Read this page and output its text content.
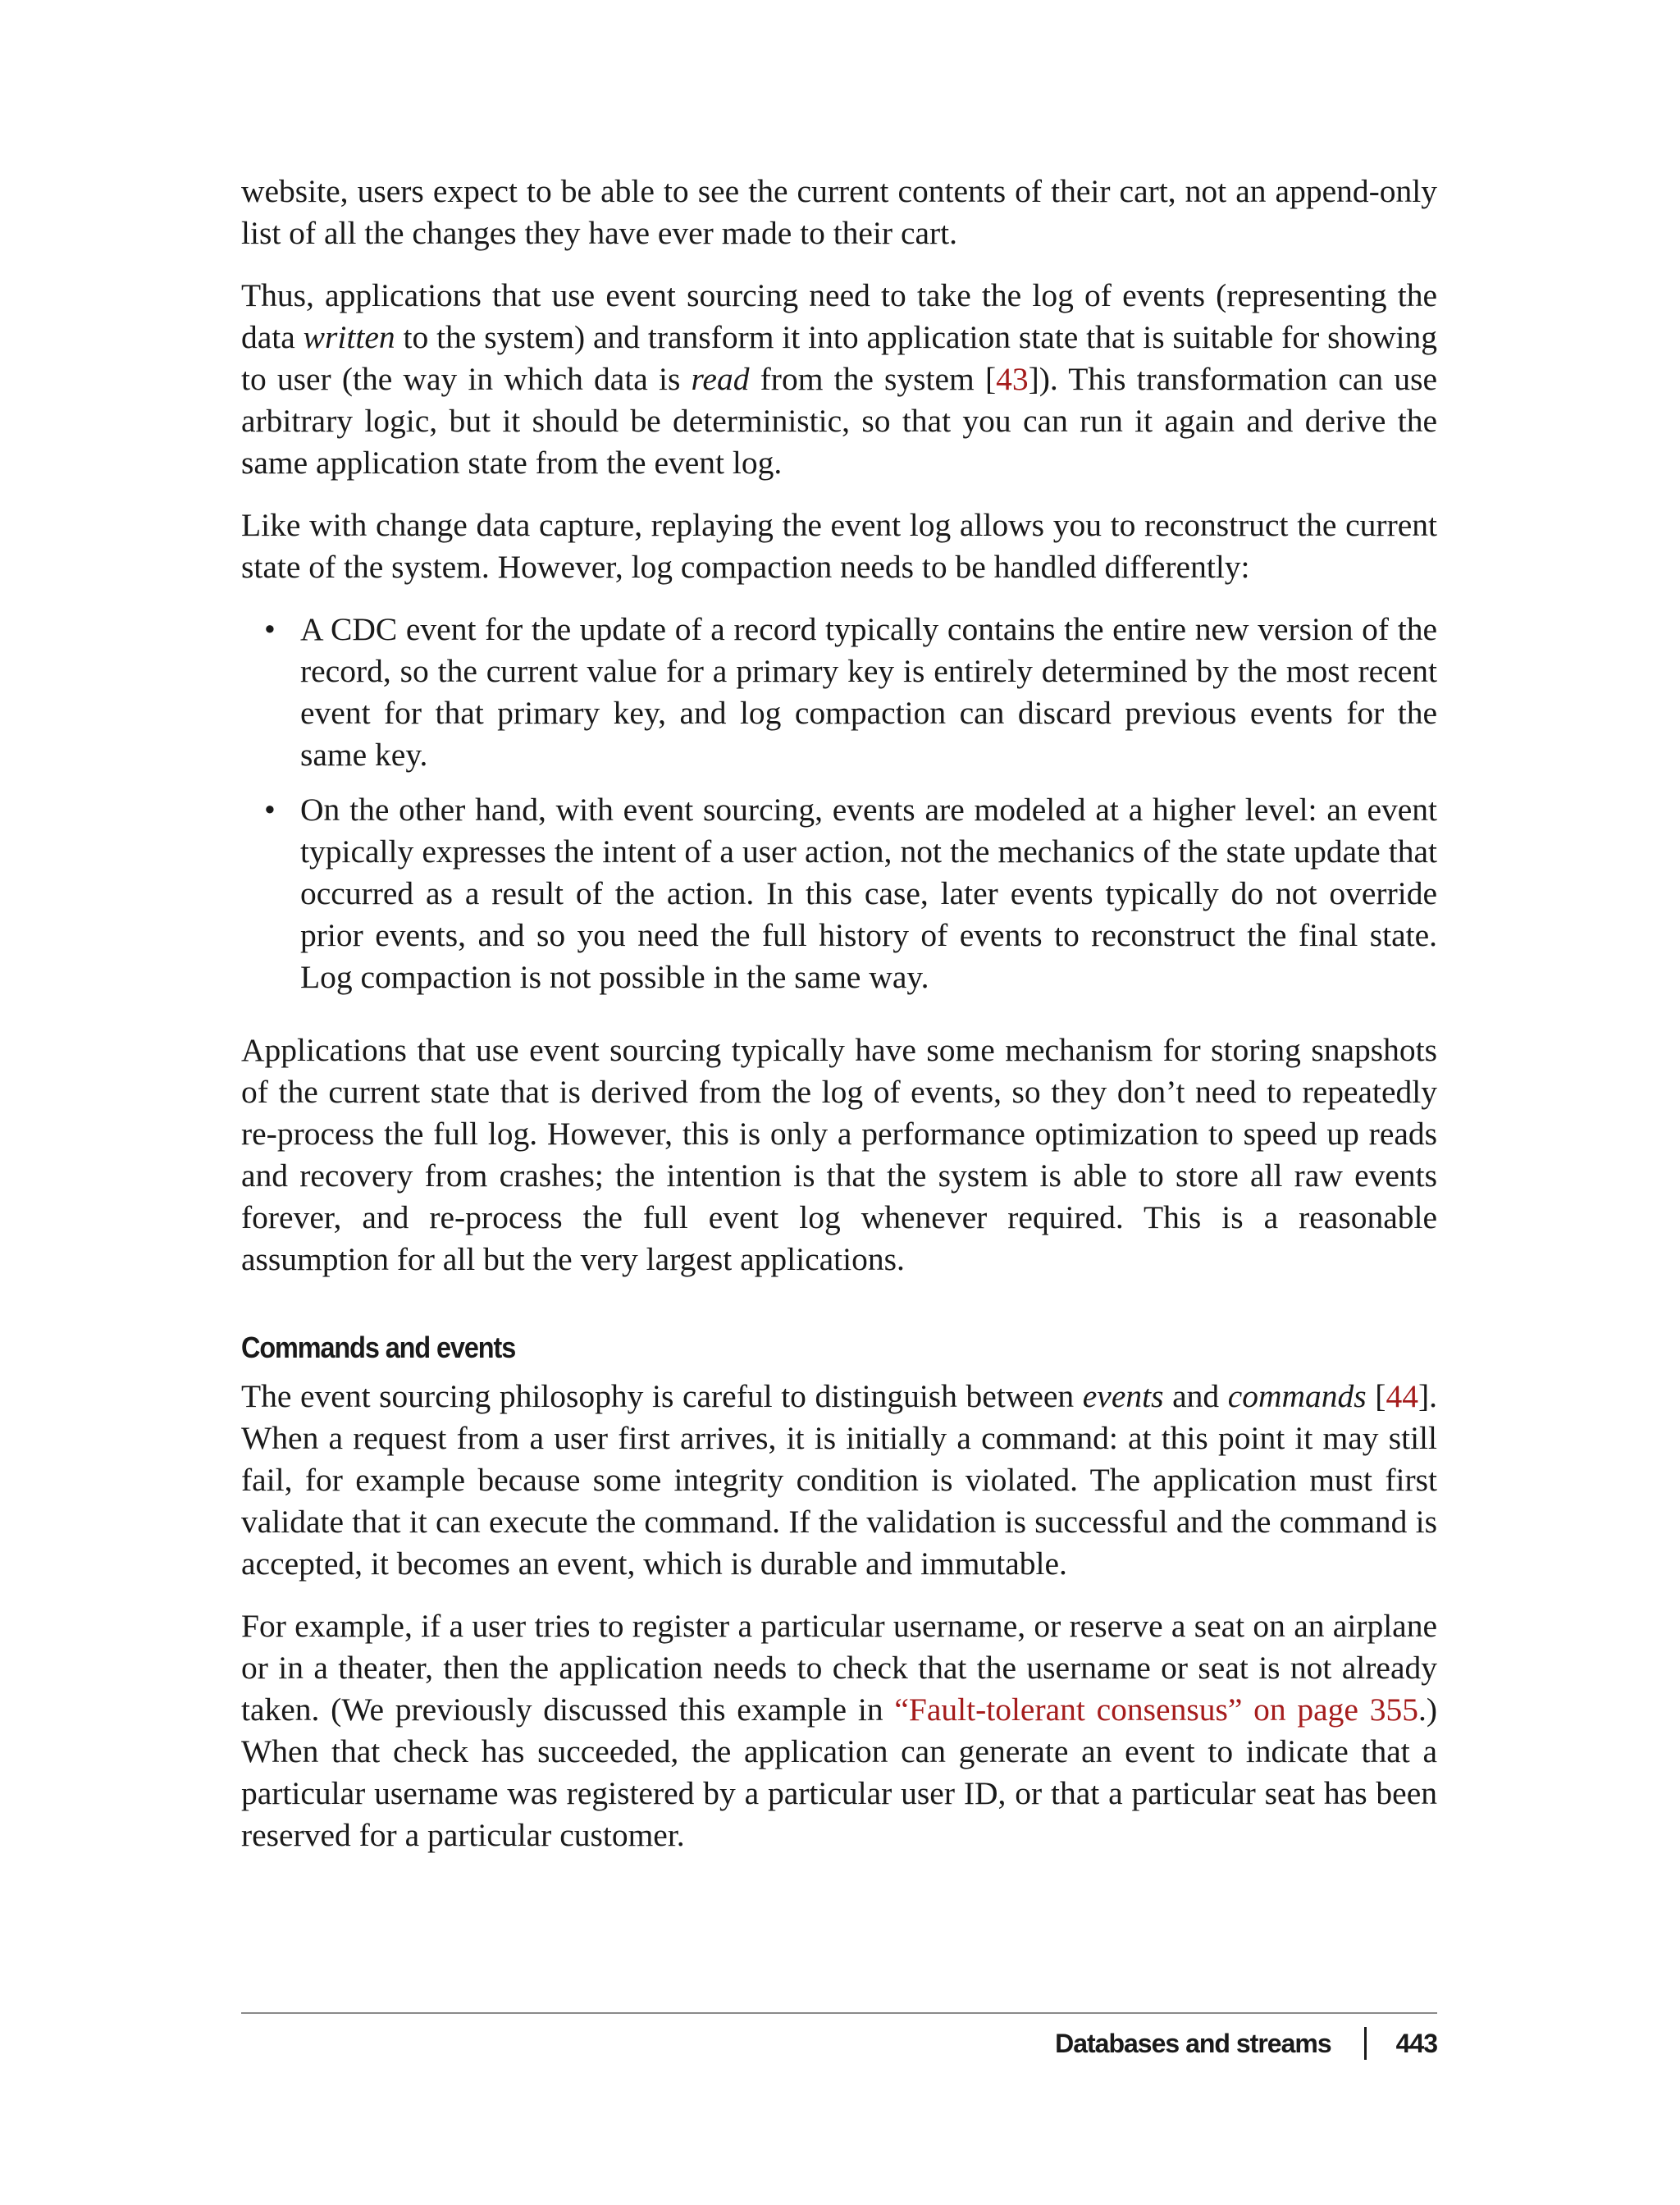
website, users expect to be able to see the current contents of their cart, not an append-only list of all the changes they have ever made to their cart.

Thus, applications that use event sourcing need to take the log of events (representing the data written to the system) and transform it into application state that is suitable for showing to user (the way in which data is read from the system [43]). This transformation can use arbitrary logic, but it should be deterministic, so that you can run it again and derive the same application state from the event log.

Like with change data capture, replaying the event log allows you to reconstruct the current state of the system. However, log compaction needs to be handled differently:

• A CDC event for the update of a record typically contains the entire new version of the record, so the current value for a primary key is entirely determined by the most recent event for that primary key, and log compaction can discard previous events for the same key.
• On the other hand, with event sourcing, events are modeled at a higher level: an event typically expresses the intent of a user action, not the mechanics of the state update that occurred as a result of the action. In this case, later events typically do not override prior events, and so you need the full history of events to reconstruct the final state. Log compaction is not possible in the same way.

Applications that use event sourcing typically have some mechanism for storing snapshots of the current state that is derived from the log of events, so they don’t need to repeatedly re-process the full log. However, this is only a performance optimization to speed up reads and recovery from crashes; the intention is that the system is able to store all raw events forever, and re-process the full event log whenever required. This is a reasonable assumption for all but the very largest applications.

Commands and events

The event sourcing philosophy is careful to distinguish between events and commands [44]. When a request from a user first arrives, it is initially a command: at this point it may still fail, for example because some integrity condition is violated. The application must first validate that it can execute the command. If the validation is successful and the command is accepted, it becomes an event, which is durable and immutable.

For example, if a user tries to register a particular username, or reserve a seat on an airplane or in a theater, then the application needs to check that the username or seat is not already taken. (We previously discussed this example in “Fault-tolerant consensus” on page 355.) When that check has succeeded, the application can generate an event to indicate that a particular username was registered by a particular user ID, or that a particular seat has been reserved for a particular customer.

Databases and streams 443
